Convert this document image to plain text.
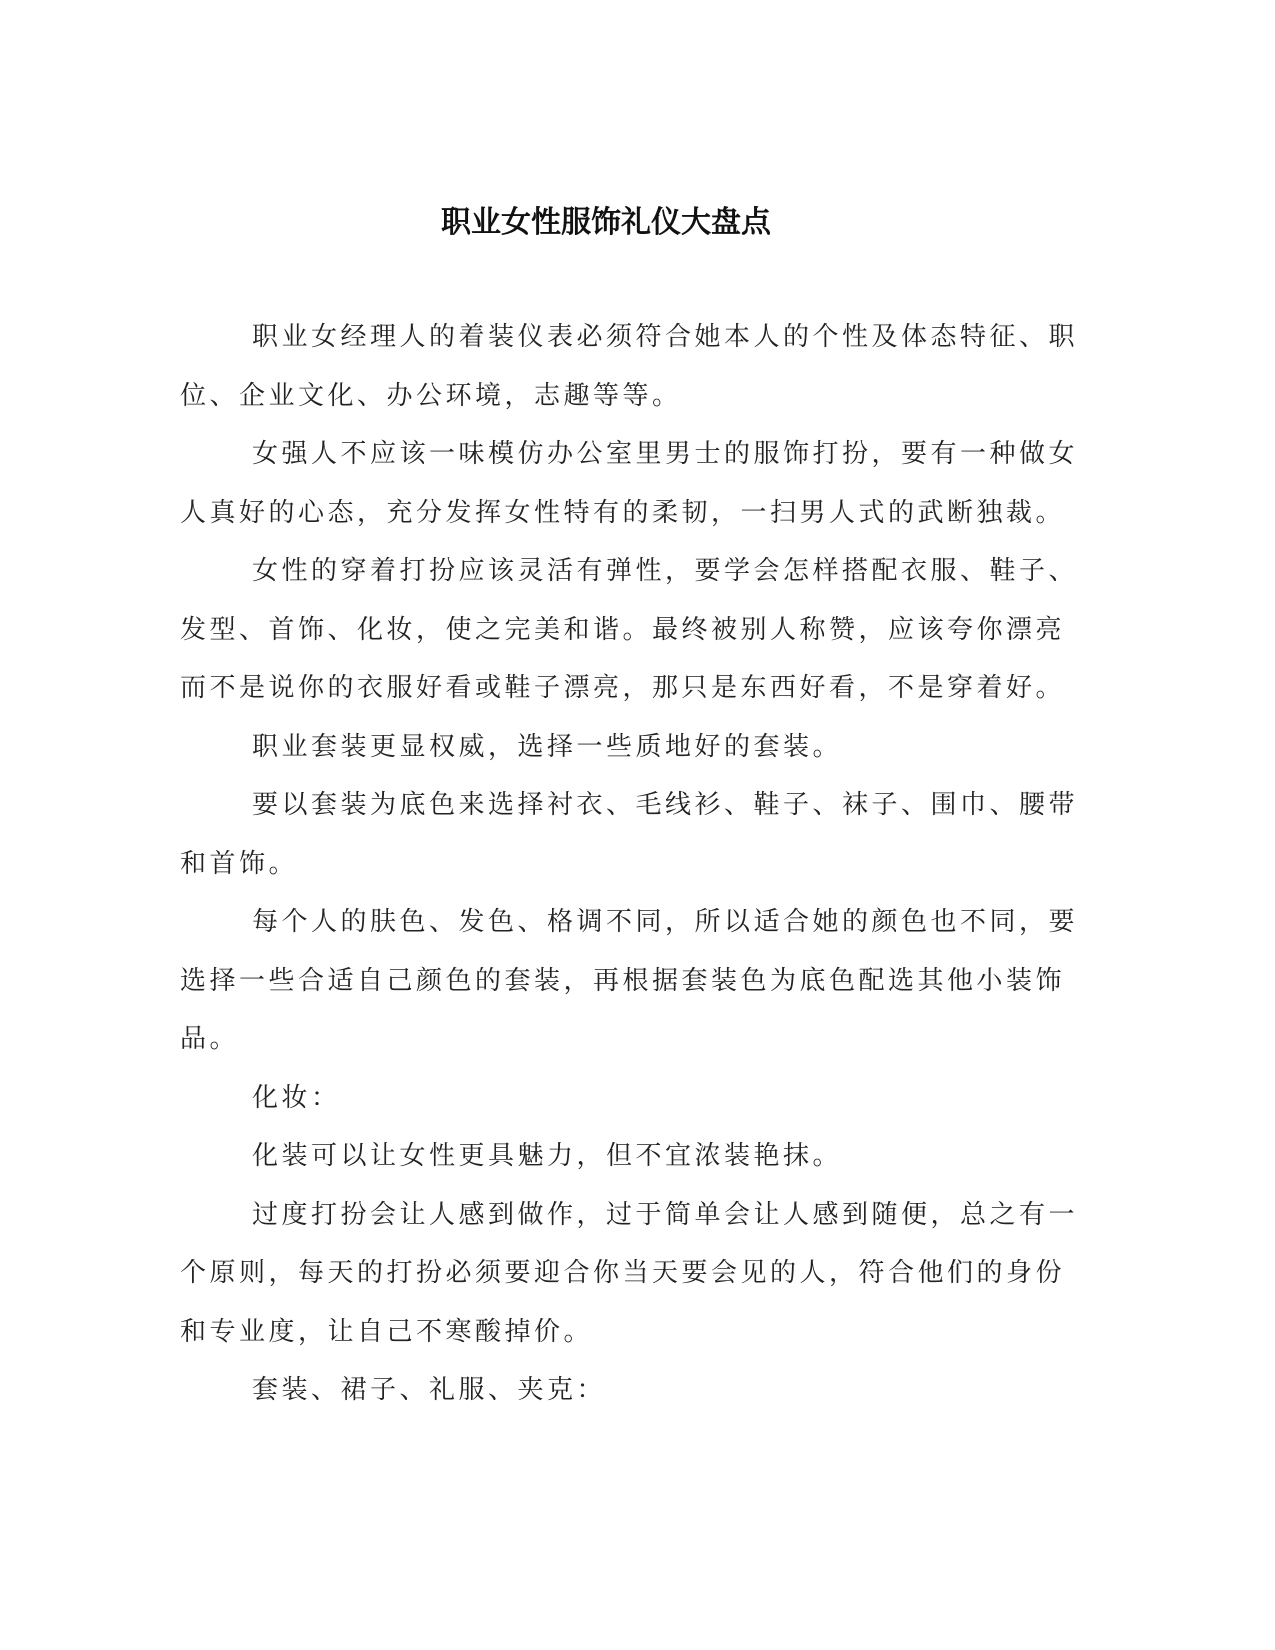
职业女性服饰礼仪大盘点
职业女经理人的着装仪表必须符合她本人的个性及体态特征、职
位、企业文化、办公环境，志趣等等。
女强人不应该一味模仿办公室里男士的服饰打扮，要有一种做女
人真好的心态，充分发挥女性特有的柔韧，一扫男人式的武断独裁。
女性的穿着打扮应该灵活有弹性，要学会怎样搭配衣服、鞋子、
发型、首饰、化妆，使之完美和谐。最终被别人称赞，应该夸你漂亮
而不是说你的衣服好看或鞋子漂亮，那只是东西好看，不是穿着好。
职业套装更显权威，选择一些质地好的套装。
要以套装为底色来选择衬衣、毛线衫、鞋子、袜子、围巾、腰带
和首饰。
每个人的肤色、发色、格调不同，所以适合她的颜色也不同，要
选择一些合适自己颜色的套装，再根据套装色为底色配选其他小装饰
品。
化妆：
化装可以让女性更具魅力，但不宜浓装艳抹。
过度打扮会让人感到做作，过于简单会让人感到随便，总之有一
个原则，每天的打扮必须要迎合你当天要会见的人，符合他们的身份
和专业度，让自己不寒酸掉价。
套装、裙子、礼服、夹克：
